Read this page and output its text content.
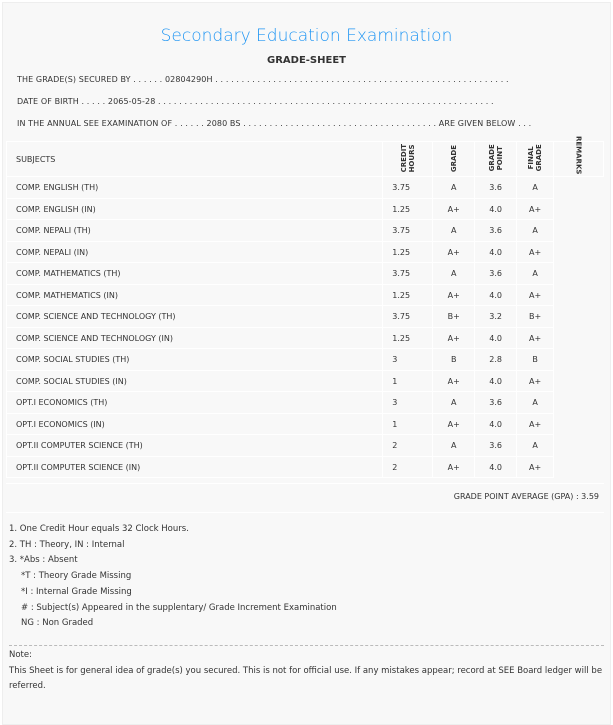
Secondary Education Examination
GRADE-SHEET
THE GRADE(S) SECURED BY . . . . . . 02804290H . . . . . . . . . . . . . . . . . . . . . . . . . . . . . . . . . . . . . . . . . . . . . . . . . . . . . . . .
DATE OF BIRTH . . . . . 2065-05-28 . . . . . . . . . . . . . . . . . . . . . . . . . . . . . . . . . . . . . . . . . . . . . . . . . . . . . . . . . . . . . . . .
IN THE ANNUAL SEE EXAMINATION OF . . . . . . 2080 BS . . . . . . . . . . . . . . . . . . . . . . . . . . . . . . . . . . . . . ARE GIVEN BELOW . . .
SUBJECTS	CREDIT HOURS	GRADE	GRADE POINT	FINAL GRADE	REMARKS
COMP. ENGLISH (TH)	3.75	A	3.6	A	
COMP. ENGLISH (IN)	1.25	A+	4.0	A+	
COMP. NEPALI (TH)	3.75	A	3.6	A	
COMP. NEPALI (IN)	1.25	A+	4.0	A+	
COMP. MATHEMATICS (TH)	3.75	A	3.6	A	
COMP. MATHEMATICS (IN)	1.25	A+	4.0	A+	
COMP. SCIENCE AND TECHNOLOGY (TH)	3.75	B+	3.2	B+	
COMP. SCIENCE AND TECHNOLOGY (IN)	1.25	A+	4.0	A+	
COMP. SOCIAL STUDIES (TH)	3	B	2.8	B	
COMP. SOCIAL STUDIES (IN)	1	A+	4.0	A+	
OPT.I ECONOMICS (TH)	3	A	3.6	A	
OPT.I ECONOMICS (IN)	1	A+	4.0	A+	
OPT.II COMPUTER SCIENCE (TH)	2	A	3.6	A	
OPT.II COMPUTER SCIENCE (IN)	2	A+	4.0	A+	
GRADE POINT AVERAGE (GPA) : 3.59
1. One Credit Hour equals 32 Clock Hours.
2. TH : Theory, IN : Internal
3. *Abs : Absent
*T : Theory Grade Missing
*I : Internal Grade Missing
# : Subject(s) Appeared in the supplentary/ Grade Increment Examination
NG : Non Graded
Note:
This Sheet is for general idea of grade(s) you secured. This is not for official use. If any mistakes appear; record at SEE Board ledger will be referred.
